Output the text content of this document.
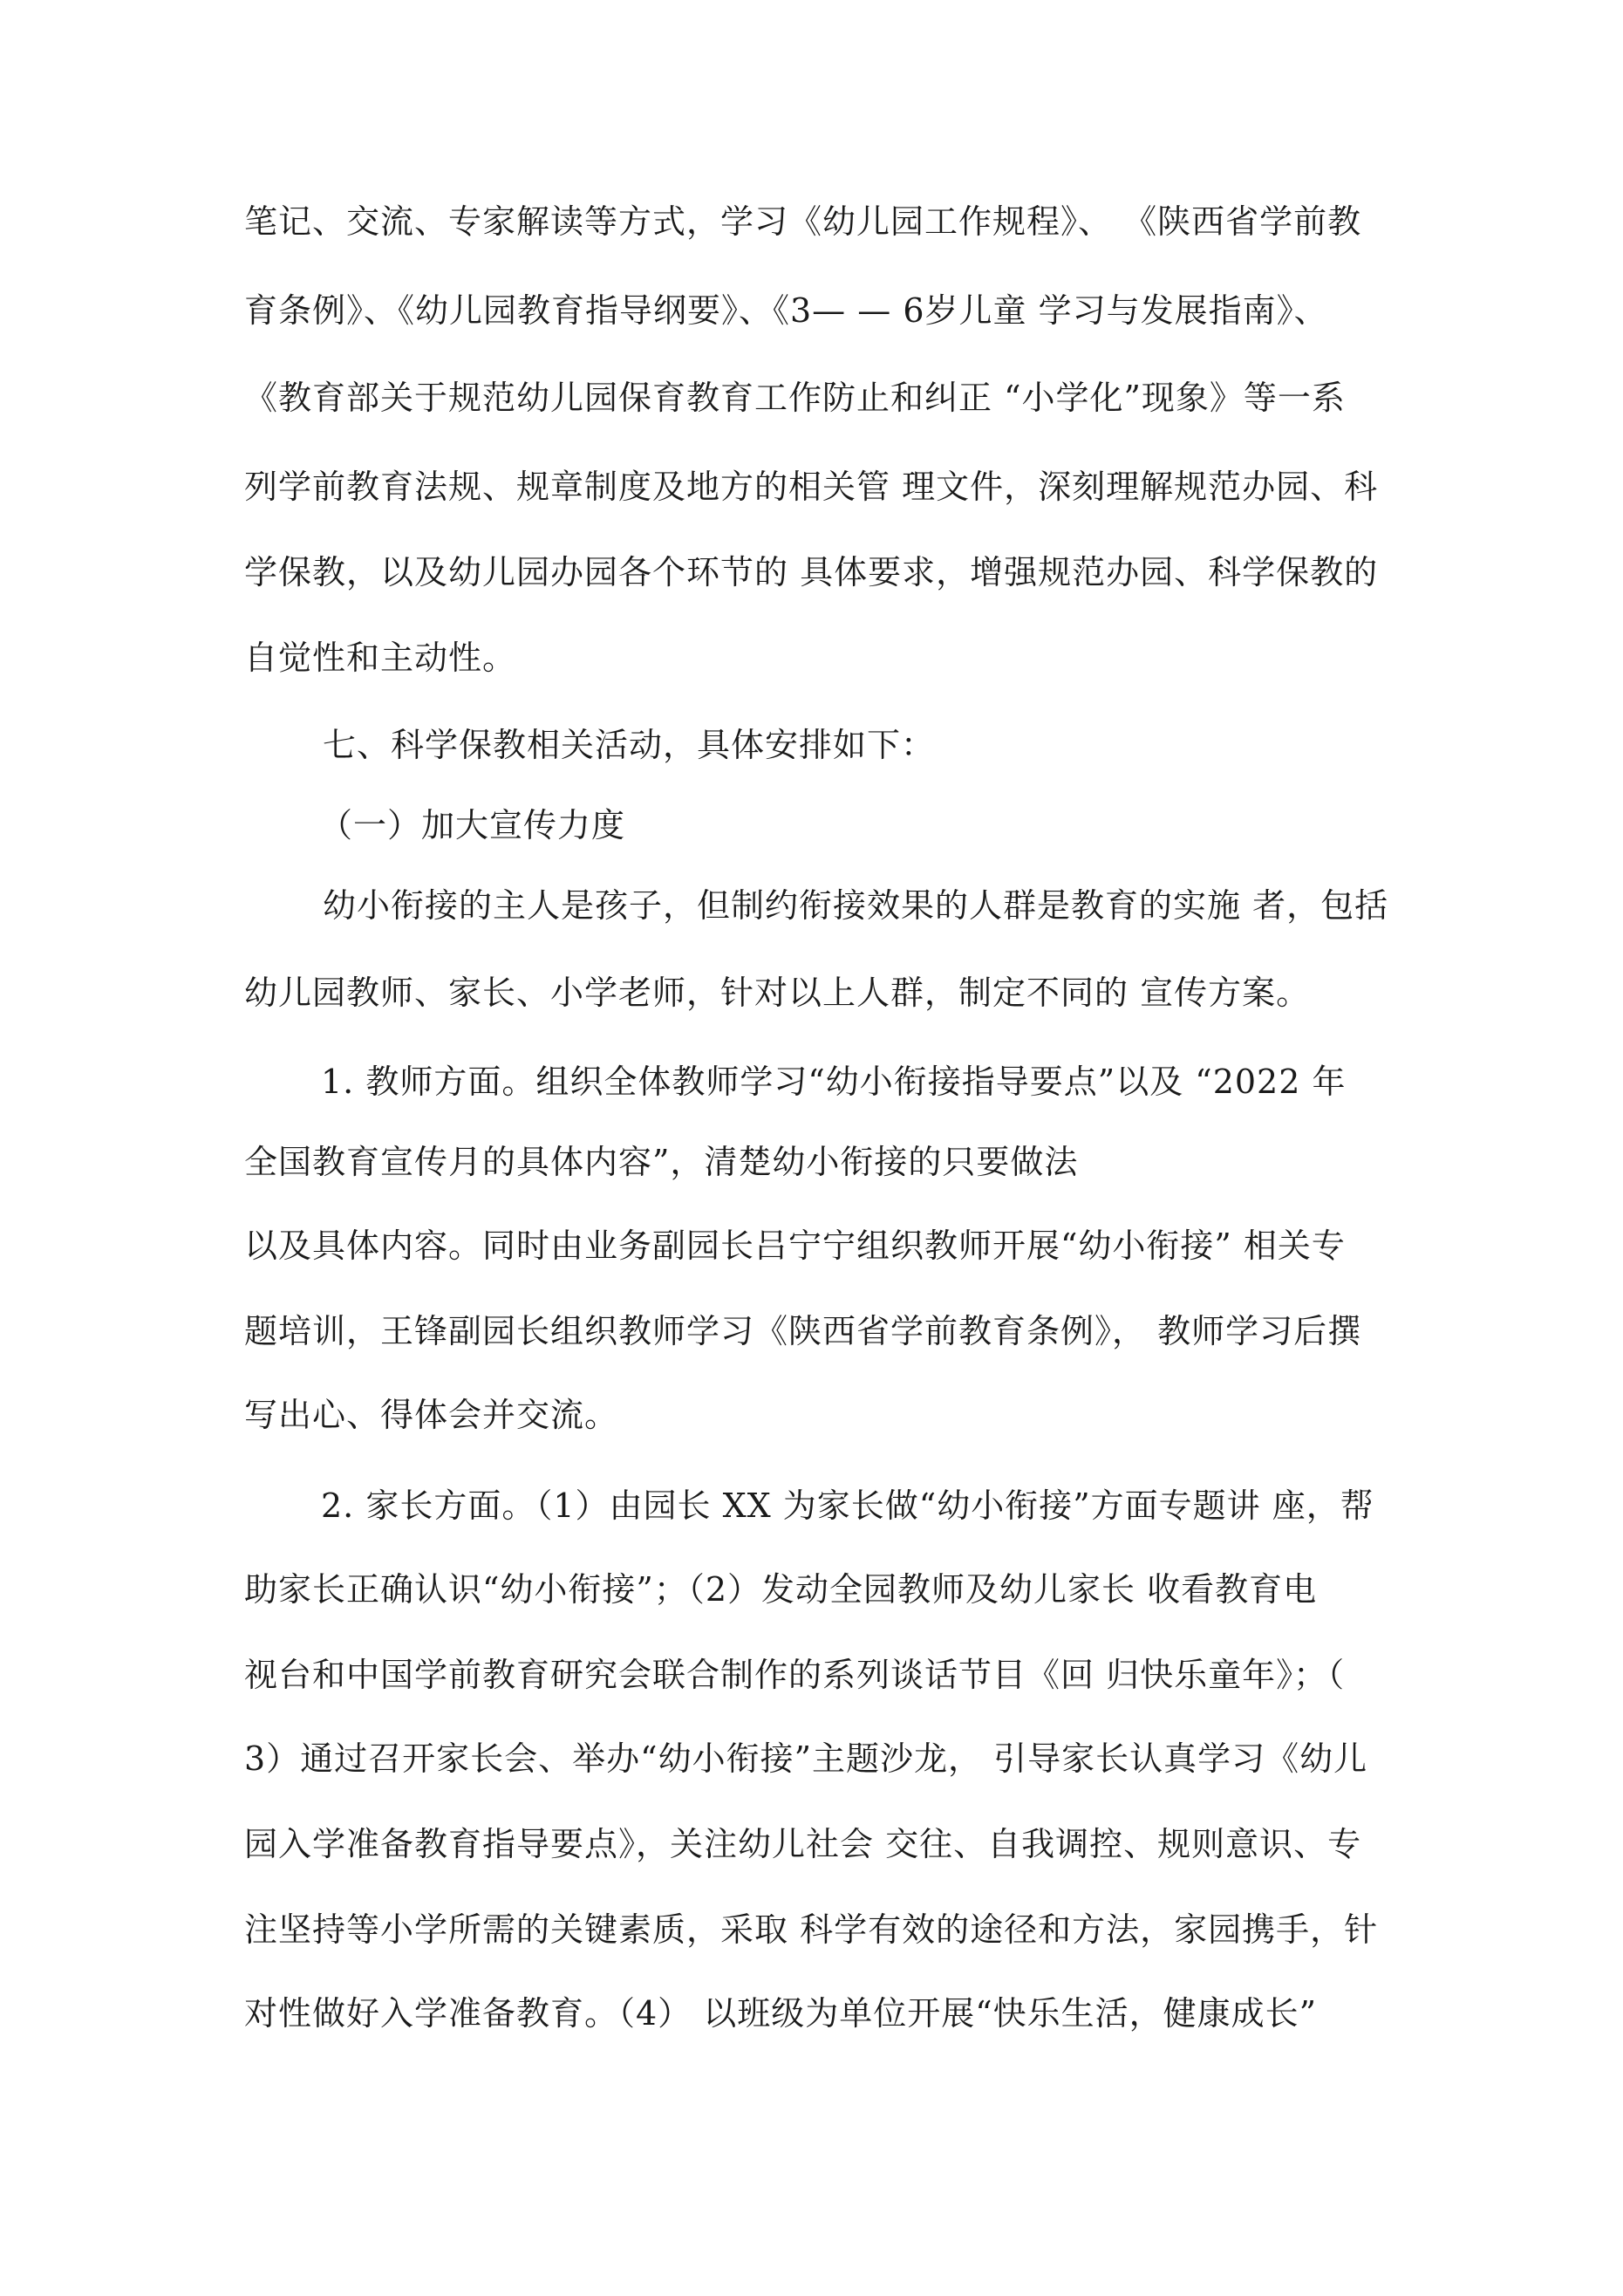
笔记、交流、专家解读等方式，学习《幼儿园工作规程》、 《陕西省学前教

育条例》、《幼儿园教育指导纲要》、《3— — 6岁儿童 学习与发展指南》、

《教育部关于规范幼儿园保育教育工作防止和纠正 “小学化”现象》等一系

列学前教育法规、规章制度及地方的相关管 理文件，深刻理解规范办园、科

学保教，以及幼儿园办园各个环节的 具体要求，增强规范办园、科学保教的

自觉性和主动性。

七、科学保教相关活动，具体安排如下：

（一）加大宣传力度

幼小衔接的主人是孩子，但制约衔接效果的人群是教育的实施 者，包括

幼儿园教师、家长、小学老师，针对以上人群，制定不同的 宣传方案。

1. 教师方面。组织全体教师学习“幼小衔接指导要点”以及 “2022 年

全国教育宣传月的具体内容”，清楚幼小衔接的只要做法

以及具体内容。同时由业务副园长吕宁宁组织教师开展“幼小衔接” 相关专

题培训，王锋副园长组织教师学习《陕西省学前教育条例》， 教师学习后撰

写出心、得体会并交流。

2. 家长方面。（1）由园长 XX 为家长做“幼小衔接”方面专题讲 座，帮

助家长正确认识“幼小衔接”；（2）发动全园教师及幼儿家长 收看教育电

视台和中国学前教育研究会联合制作的系列谈话节目《回 归快乐童年》；（

3）通过召开家长会、举办“幼小衔接”主题沙龙， 引导家长认真学习《幼儿

园入学准备教育指导要点》，关注幼儿社会 交往、自我调控、规则意识、专

注坚持等小学所需的关键素质，采取 科学有效的途径和方法，家园携手，针

对性做好入学准备教育。（4） 以班级为单位开展“快乐生活，健康成长”
